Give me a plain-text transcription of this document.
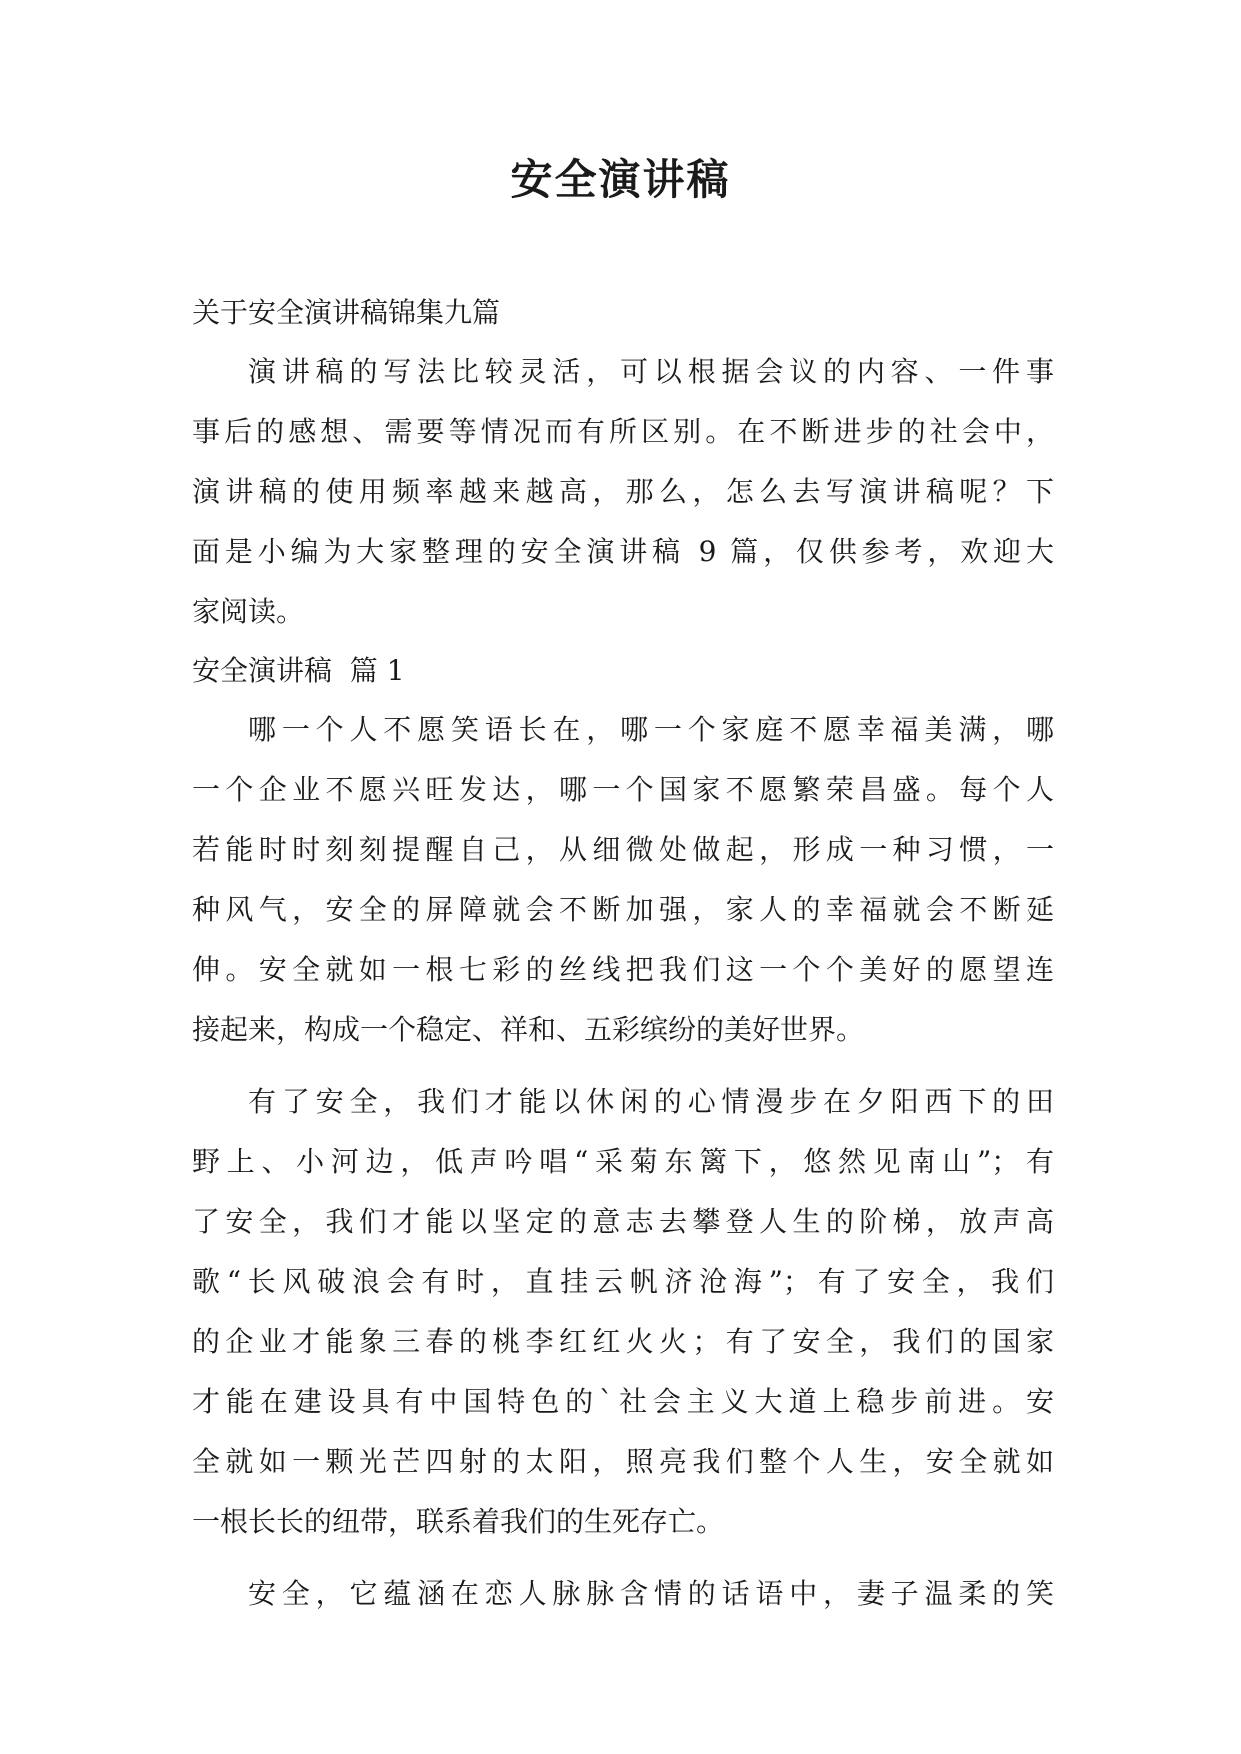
安全演讲稿

关于安全演讲稿锦集九篇

演讲稿的写法比较灵活，可以根据会议的内容、一件事

事后的感想、需要等情况而有所区别。在不断进步的社会中，

演讲稿的使用频率越来越高，那么，怎么去写演讲稿呢？下

面是小编为大家整理的安全演讲稿 9 篇，仅供参考，欢迎大

家阅读。

安全演讲稿  篇 1

哪一个人不愿笑语长在，哪一个家庭不愿幸福美满，哪

一个企业不愿兴旺发达，哪一个国家不愿繁荣昌盛。每个人

若能时时刻刻提醒自己，从细微处做起，形成一种习惯，一

种风气，安全的屏障就会不断加强，家人的幸福就会不断延

伸。安全就如一根七彩的丝线把我们这一个个美好的愿望连

接起来，构成一个稳定、祥和、五彩缤纷的美好世界。

有了安全，我们才能以休闲的心情漫步在夕阳西下的田

野上、小河边，低声吟唱“采菊东篱下，悠然见南山”；有

了安全，我们才能以坚定的意志去攀登人生的阶梯，放声高

歌“长风破浪会有时，直挂云帆济沧海”；有了安全，我们

的企业才能象三春的桃李红红火火；有了安全，我们的国家

才能在建设具有中国特色的`社会主义大道上稳步前进。安

全就如一颗光芒四射的太阳，照亮我们整个人生，安全就如

一根长长的纽带，联系着我们的生死存亡。

安全，它蕴涵在恋人脉脉含情的话语中，妻子温柔的笑
